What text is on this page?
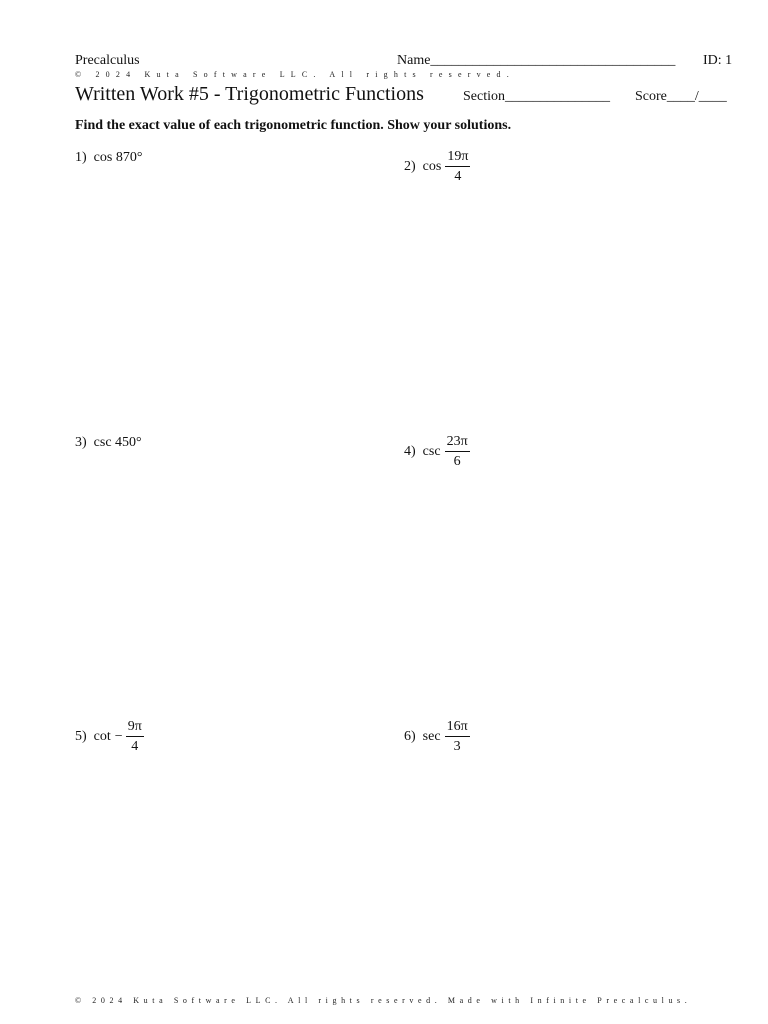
Precalculus	Name___________________________________ ID: 1
© 2024 Kuta Software LLC. All rights reserved.
Written Work #5 - Trigonometric Functions	Section_______________ Score____/____
Find the exact value of each trigonometric function. Show your solutions.
1) cos 870°
2) $\cos \frac{19\pi}{4}$
3) csc 450°
4) $\csc \frac{23\pi}{6}$
5) $\cot - \frac{9\pi}{4}$	6) $\sec \frac{16\pi}{3}$
© 2024 Kuta Software LLC. All rights reserved. Made with Infinite Precalculus.
